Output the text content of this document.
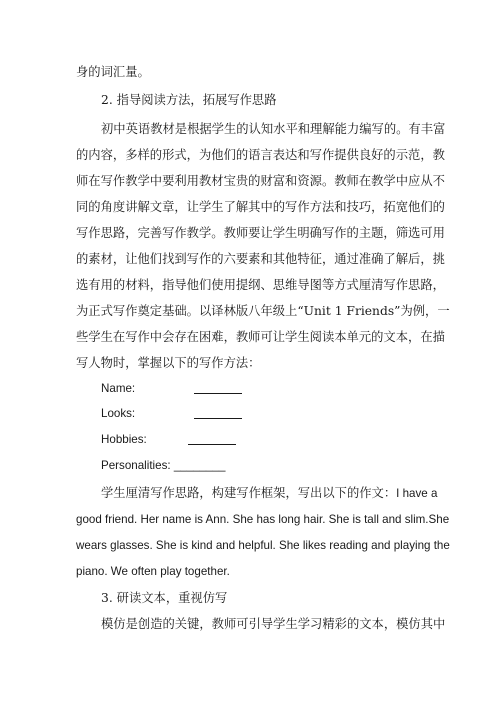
身的词汇量。
2. 指导阅读方法，拓展写作思路
初中英语教材是根据学生的认知水平和理解能力编写的。有丰富
的内容，多样的形式，为他们的语言表达和写作提供良好的示范，教
师在写作教学中要利用教材宝贵的财富和资源。教师在教学中应从不
同的角度讲解文章，让学生了解其中的写作方法和技巧，拓宽他们的
写作思路，完善写作教学。教师要让学生明确写作的主题，筛选可用
的素材，让他们找到写作的六要素和其他特征，通过准确了解后，挑
选有用的材料，指导他们使用提纲、思维导图等方式厘清写作思路，
为正式写作奠定基础。以译林版八年级上“Unit 1 Friends”为例，一
些学生在写作中会存在困难，教师可让学生阅读本单元的文本，在描
写人物时，掌握以下的写作方法：
Name:
Looks:
Hobbies:
Personalities: ________
学生厘清写作思路，构建写作框架，写出以下的作文：I have a
good friend. Her name is Ann. She has long hair. She is tall and slim.She
wears glasses. She is kind and helpful. She likes reading and playing the
piano. We often play together.
3. 研读文本，重视仿写
模仿是创造的关键，教师可引导学生学习精彩的文本，模仿其中
